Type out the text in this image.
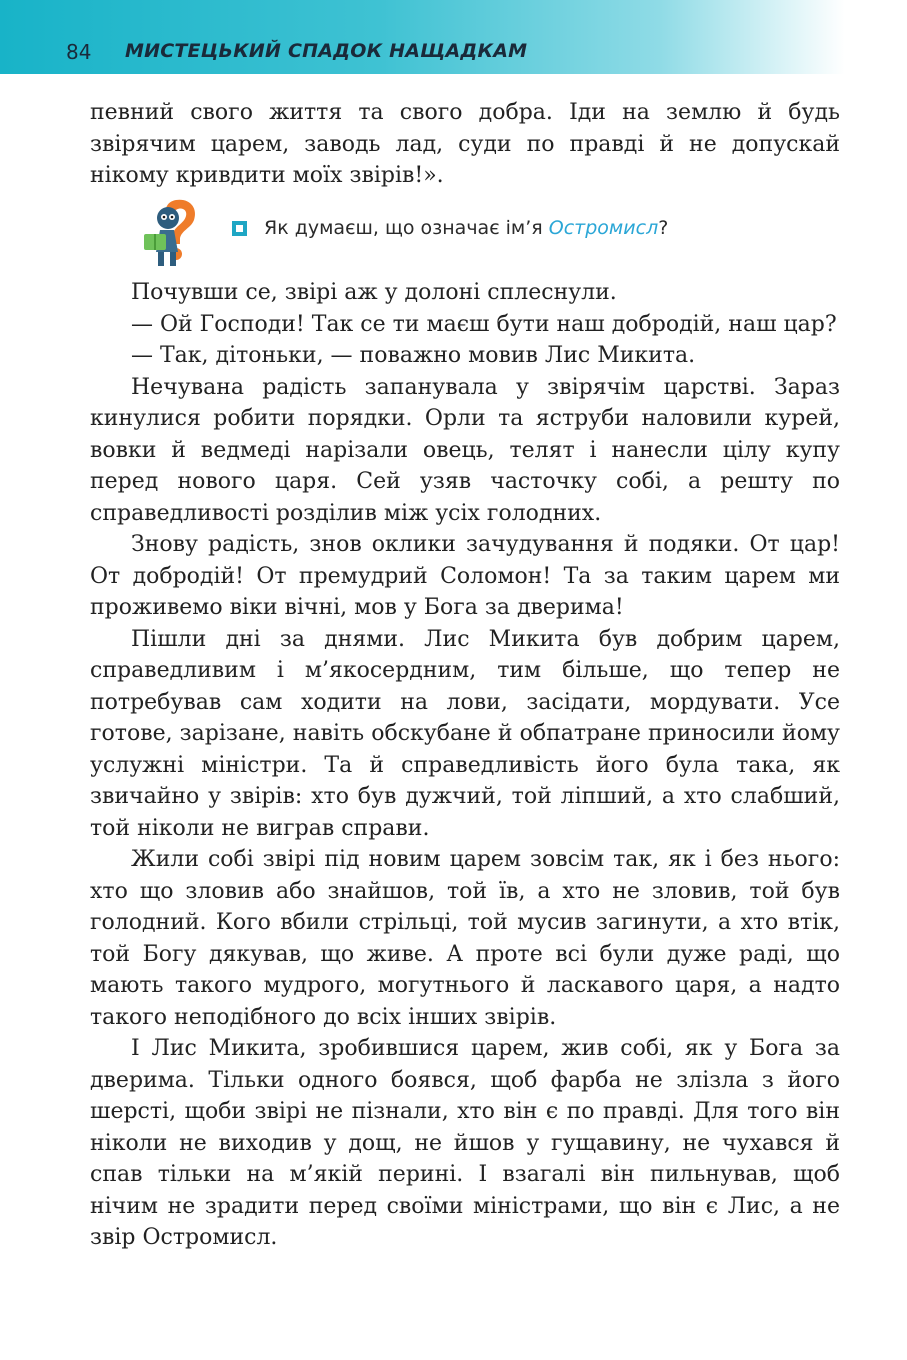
84 МИСТЕЦЬКИЙ СПАДОК НАЩАДКАМ

певний свого життя та свого добра. Іди на землю й будь звірячим царем, заводь лад, суди по правді й не допускай нікому кривдити моїх звірів!».

Як думаєш, що означає ім’я Остромисл?

Почувши се, звірі аж у долоні сплеснули.

— Ой Господи! Так се ти маєш бути наш добродій, наш цар?

— Так, дітоньки, — поважно мовив Лис Микита.

Нечувана радість запанувала у звірячім царстві. Зараз кинулися робити порядки. Орли та яструби наловили курей, вовки й ведмеді нарізали овець, телят і нанесли цілу купу перед нового царя. Сей узяв часточку собі, а решту по справедливості розділив між усіх голодних.

Знову радість, знов оклики зачудування й подяки. От цар! От добродій! От премудрий Соломон! Та за таким царем ми проживемо віки вічні, мов у Бога за дверима!

Пішли дні за днями. Лис Микита був добрим царем, справедливим і м’якосердним, тим більше, що тепер не потребував сам ходити на лови, засідати, мордувати. Усе готове, зарізане, навіть обскубане й обпатране приносили йому услужні міністри. Та й справедливість його була така, як звичайно у звірів: хто був дужчий, той ліпший, а хто слабший, той ніколи не виграв справи.

Жили собі звірі під новим царем зовсім так, як і без нього: хто що зловив або знайшов, той їв, а хто не зловив, той був голодний. Кого вбили стрільці, той мусив загинути, а хто втік, той Богу дякував, що живе. А проте всі були дуже раді, що мають такого мудрого, могутнього й ласкавого царя, а надто такого неподібного до всіх інших звірів.

І Лис Микита, зробившися царем, жив собі, як у Бога за дверима. Тільки одного боявся, щоб фарба не злізла з його шерсті, щоби звірі не пізнали, хто він є по правді. Для того він ніколи не виходив у дощ, не йшов у гущавину, не чухався й спав тільки на м’якій перині. І взагалі він пильнував, щоб нічим не зрадити перед своїми міністрами, що він є Лис, а не звір Остромисл.
